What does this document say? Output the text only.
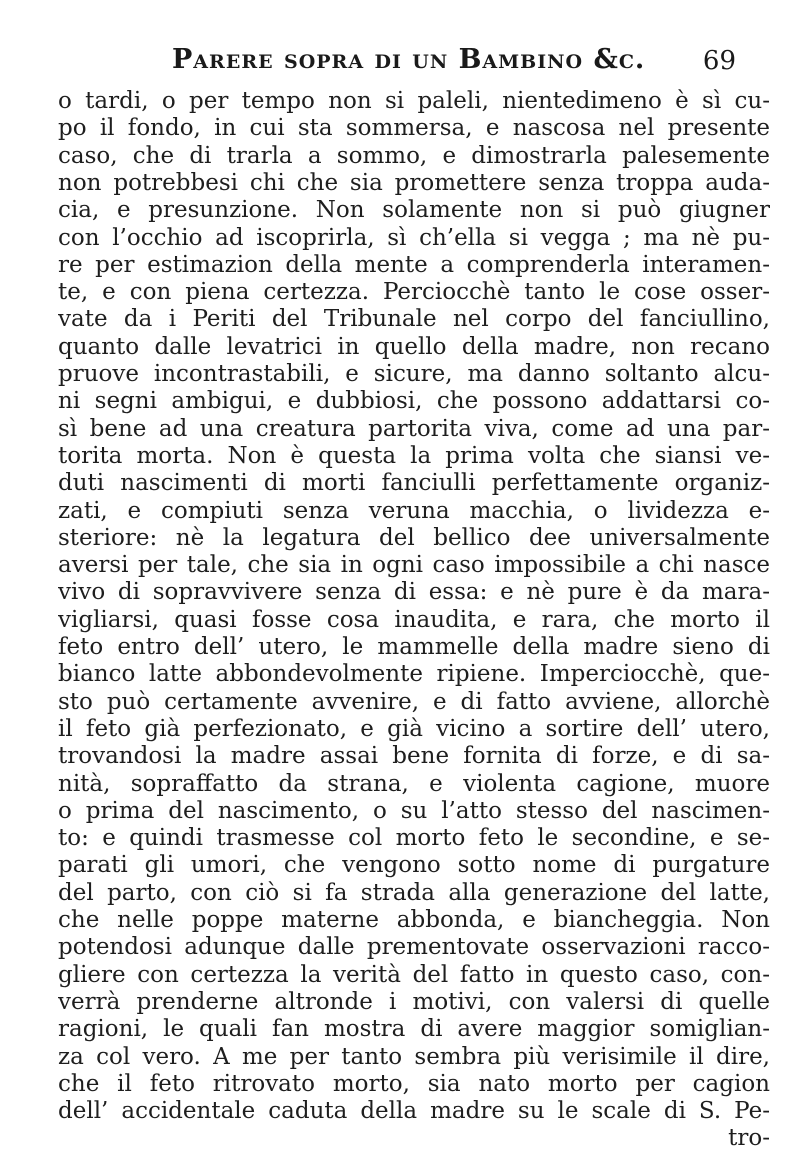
Parere sopra di un Bambino &c. 69
o tardi, o per tempo non si paleli, nientedimeno è sì cu-
po il fondo, in cui sta sommersa, e nascosa nel presente
caso, che di trarla a sommo, e dimostrarla palesemente
non potrebbesi chi che sia promettere senza troppa auda-
cia, e presunzione. Non solamente non si può giugner
con l’occhio ad iscoprirla, sì ch’ella si vegga ; ma nè pu-
re per estimazion della mente a comprenderla interamen-
te, e con piena certezza. Perciocchè tanto le cose osser-
vate da i Periti del Tribunale nel corpo del fanciullino,
quanto dalle levatrici in quello della madre, non recano
pruove incontrastabili, e sicure, ma danno soltanto alcu-
ni segni ambigui, e dubbiosi, che possono addattarsi co-
sì bene ad una creatura partorita viva, come ad una par-
torita morta. Non è questa la prima volta che siansi ve-
duti nascimenti di morti fanciulli perfettamente organiz-
zati, e compiuti senza veruna macchia, o lividezza e-
steriore: nè la legatura del bellico dee universalmente
aversi per tale, che sia in ogni caso impossibile a chi nasce
vivo di sopravvivere senza di essa: e nè pure è da mara-
vigliarsi, quasi fosse cosa inaudita, e rara, che morto il
feto entro dell’ utero, le mammelle della madre sieno di
bianco latte abbondevolmente ripiene. Imperciocchè, que-
sto può certamente avvenire, e di fatto avviene, allorchè
il feto già perfezionato, e già vicino a sortire dell’ utero,
trovandosi la madre assai bene fornita di forze, e di sa-
nità, sopraffatto da strana, e violenta cagione, muore
o prima del nascimento, o su l’atto stesso del nascimen-
to: e quindi trasmesse col morto feto le secondine, e se-
parati gli umori, che vengono sotto nome di purgature
del parto, con ciò si fa strada alla generazione del latte,
che nelle poppe materne abbonda, e biancheggia. Non
potendosi adunque dalle prementovate osservazioni racco-
gliere con certezza la verità del fatto in questo caso, con-
verrà prenderne altronde i motivi, con valersi di quelle
ragioni, le quali fan mostra di avere maggior somiglian-
za col vero. A me per tanto sembra più verisimile il dire,
che il feto ritrovato morto, sia nato morto per cagion
dell’ accidentale caduta della madre su le scale di S. Pe-
tro-
